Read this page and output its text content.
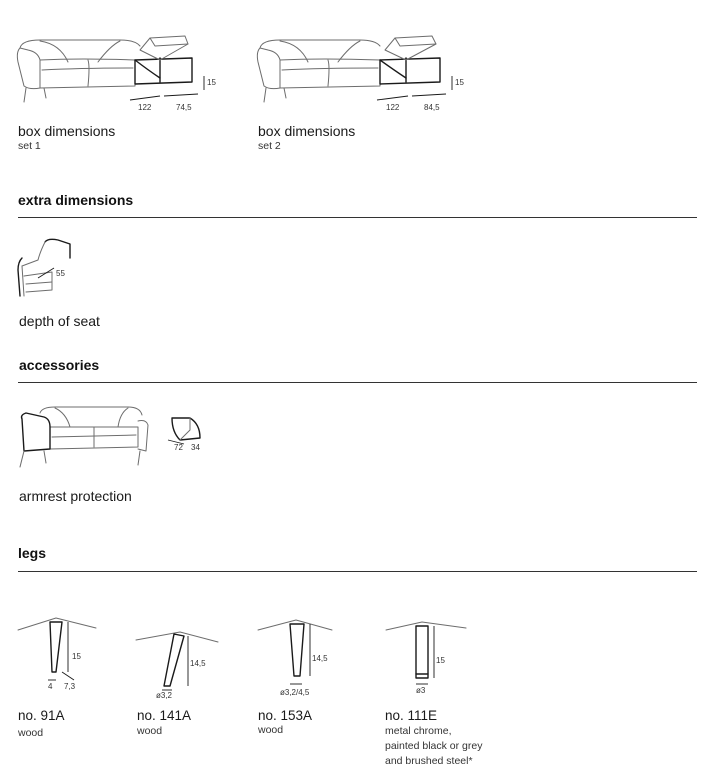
122	74,5
15
box dimensions
set 1
122	84,5
15
box dimensions
set 2
extra dimensions
55
depth of seat
accessories
72 34
armrest protection
legs
15
4 7,3
no. 91A
wood
14,5
ø3,2
no. 141A
wood
14,5
ø3,2/4,5
no. 153A
wood
15
ø3
no. 111E
metal chrome,
painted black or grey
and brushed steel*
